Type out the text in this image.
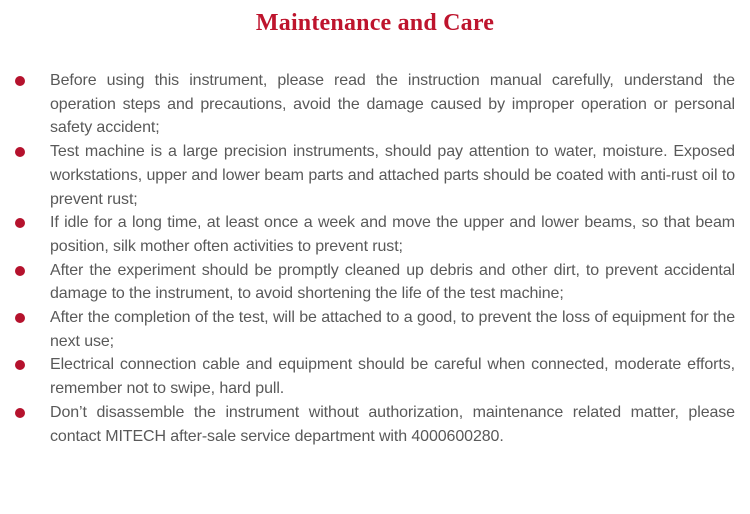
Maintenance and Care
Before using this instrument, please read the instruction manual carefully, understand the operation steps and precautions, avoid the damage caused by improper operation or personal safety accident;
Test machine is a large precision instruments, should pay attention to water, moisture. Exposed workstations, upper and lower beam parts and attached parts should be coated with anti-rust oil to prevent rust;
If idle for a long time, at least once a week and move the upper and lower beams, so that beam position, silk mother often activities to prevent rust;
After the experiment should be promptly cleaned up debris and other dirt, to prevent accidental damage to the instrument, to avoid shortening the life of the test machine;
After the completion of the test, will be attached to a good, to prevent the loss of equipment for the next use;
Electrical connection cable and equipment should be careful when connected, moderate efforts, remember not to swipe, hard pull.
Don’t disassemble the instrument without authorization, maintenance related matter, please contact MITECH after-sale service department with 4000600280.
